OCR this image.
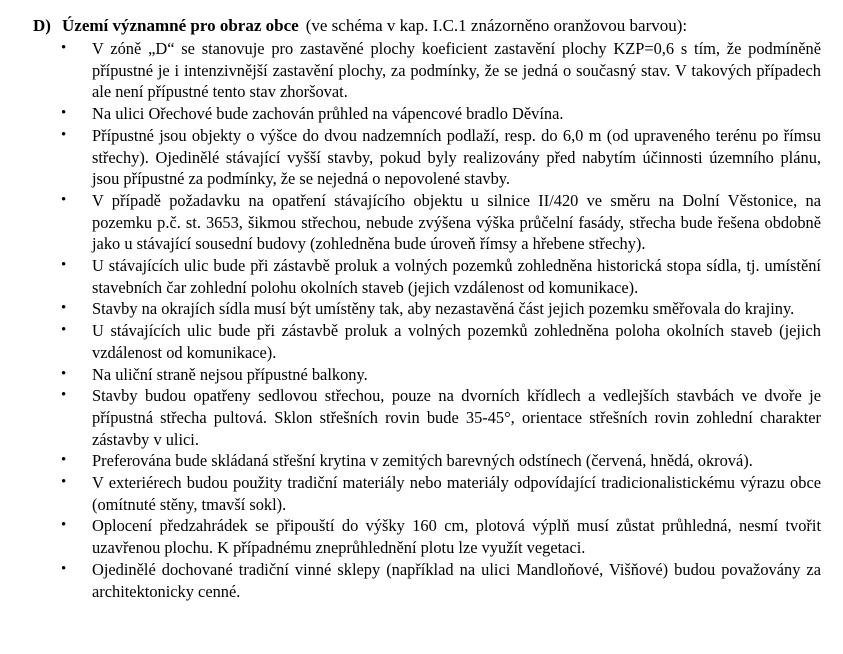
D) Území významné pro obraz obce (ve schéma v kap. I.C.1 znázorněno oranžovou barvou):
• V zóně „D“ se stanovuje pro zastavěné plochy koeficient zastavění plochy KZP=0,6 s tím, že podmíněně přípustné je i intenzivnější zastavění plochy, za podmínky, že se jedná o současný stav. V takových případech ale není přípustné tento stav zhoršovat.
• Na ulici Ořechové bude zachován průhled na vápencové bradlo Děvína.
• Přípustné jsou objekty o výšce do dvou nadzemních podlaží, resp. do 6,0 m (od upraveného terénu po římsu střechy). Ojedinělé stávající vyšší stavby, pokud byly realizovány před nabytím účinnosti územního plánu, jsou přípustné za podmínky, že se nejedná o nepovolené stavby.
• V případě požadavku na opatření stávajícího objektu u silnice II/420 ve směru na Dolní Věstonice, na pozemku p.č. st. 3653, šikmou střechou, nebude zvýšena výška průčelní fasády, střecha bude řešena obdobně jako u stávající sousední budovy (zohledněna bude úroveň římsy a hřebene střechy).
• U stávajících ulic bude při zástavbě proluk a volných pozemků zohledněna historická stopa sídla, tj. umístění stavebních čar zohlední polohu okolních staveb (jejich vzdálenost od komunikace).
• Stavby na okrajích sídla musí být umístěny tak, aby nezastavěná část jejich pozemku směřovala do krajiny.
• U stávajících ulic bude při zástavbě proluk a volných pozemků zohledněna poloha okolních staveb (jejich vzdálenost od komunikace).
• Na uliční straně nejsou přípustné balkony.
• Stavby budou opatřeny sedlovou střechou, pouze na dvorních křídlech a vedlejších stavbách ve dvoře je přípustná střecha pultová. Sklon střešních rovin bude 35-45°, orientace střešních rovin zohlední charakter zástavby v ulici.
• Preferována bude skládaná střešní krytina v zemitých barevných odstínech (červená, hnědá, okrová).
• V exteriérech budou použity tradiční materiály nebo materiály odpovídající tradicionalistickému výrazu obce (omítnuté stěny, tmavší sokl).
• Oplocení předzahrádek se připouští do výšky 160 cm, plotová výplň musí zůstat průhledná, nesmí tvořit uzavřenou plochu. K případnému zneprůhlednění plotu lze využít vegetaci.
• Ojedinělé dochované tradiční vinné sklepy (například na ulici Mandloňové, Višňové) budou považovány za architektonicky cenné.
